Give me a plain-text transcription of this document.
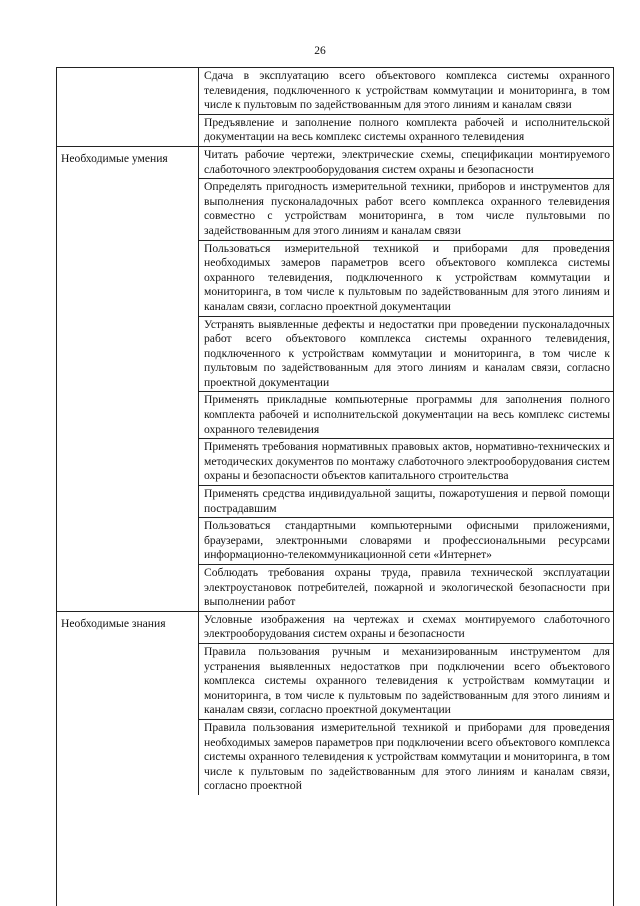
26
Сдача в эксплуатацию всего объектового комплекса системы охранного телевидения, подключенного к устройствам коммутации и мониторинга, в том числе к пультовым по задействованным для этого линиям и каналам связи
Предъявление и заполнение полного комплекта рабочей и исполнительской документации на весь комплекс системы охранного телевидения
Необходимые умения	Читать рабочие чертежи, электрические схемы, спецификации монтируемого слаботочного электрооборудования систем охраны и безопасности
Определять пригодность измерительной техники, приборов и инструментов для выполнения пусконаладочных работ всего комплекса охранного телевидения совместно с устройствам мониторинга, в том числе пультовыми по задействованным для этого линиям и каналам связи
Пользоваться измерительной техникой и приборами для проведения необходимых замеров параметров всего объектового комплекса системы охранного телевидения, подключенного к устройствам коммутации и мониторинга, в том числе к пультовым по задействованным для этого линиям и каналам связи, согласно проектной документации
Устранять выявленные дефекты и недостатки при проведении пусконаладочных работ всего объектового комплекса системы охранного телевидения, подключенного к устройствам коммутации и мониторинга, в том числе к пультовым по задействованным для этого линиям и каналам связи, согласно проектной документации
Применять прикладные компьютерные программы для заполнения полного комплекта рабочей и исполнительской документации на весь комплекс системы охранного телевидения
Применять требования нормативных правовых актов, нормативно-технических и методических документов по монтажу слаботочного электрооборудования систем охраны и безопасности объектов капитального строительства
Применять средства индивидуальной защиты, пожаротушения и первой помощи пострадавшим
Пользоваться стандартными компьютерными офисными приложениями, браузерами, электронными словарями и профессиональными ресурсами информационно-телекоммуникационной сети «Интернет»
Соблюдать требования охраны труда, правила технической эксплуатации электроустановок потребителей, пожарной и экологической безопасности при выполнении работ
Необходимые знания	Условные изображения на чертежах и схемах монтируемого слаботочного электрооборудования систем охраны и безопасности
Правила пользования ручным и механизированным инструментом для устранения выявленных недостатков при подключении всего объектового комплекса системы охранного телевидения к устройствам коммутации и мониторинга, в том числе к пультовым по задействованным для этого линиям и каналам связи, согласно проектной документации
Правила пользования измерительной техникой и приборами для проведения необходимых замеров параметров при подключении всего объектового комплекса системы охранного телевидения к устройствам коммутации и мониторинга, в том числе к пультовым по задействованным для этого линиям и каналам связи, согласно проектной
